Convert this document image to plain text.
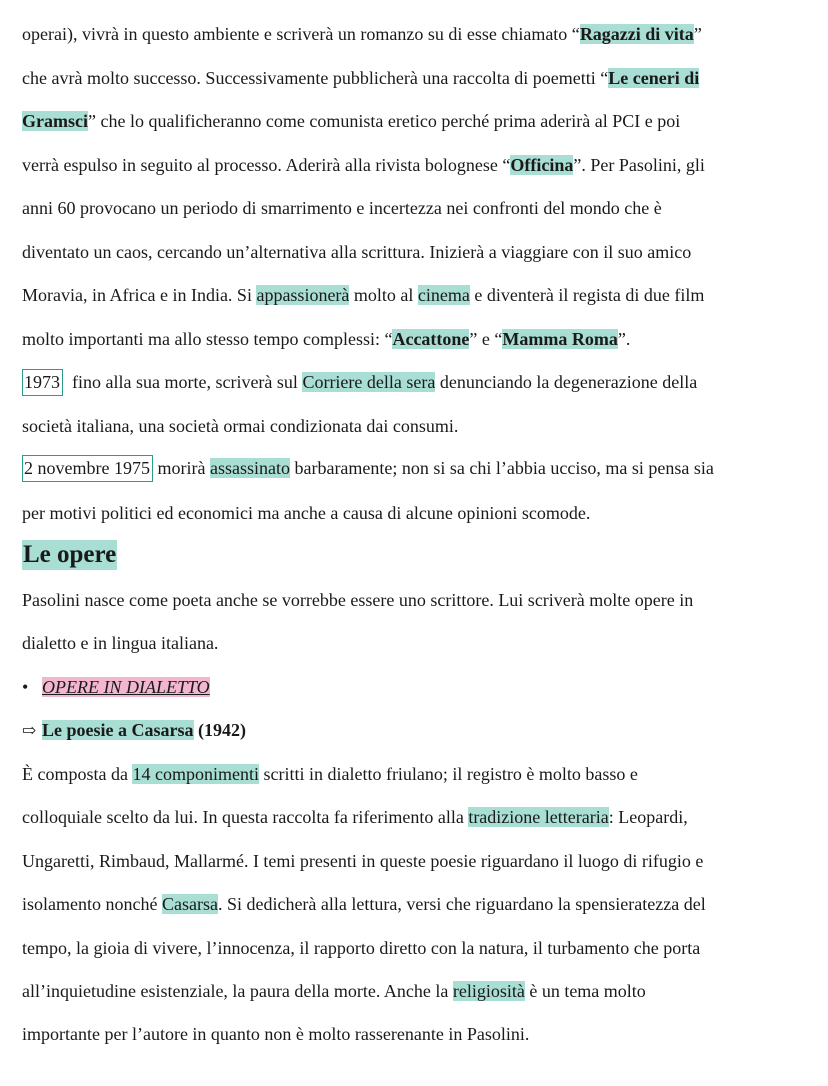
operai), vivrà in questo ambiente e scriverà un romanzo su di esse chiamato “Ragazzi di vita”
che avrà molto successo. Successivamente pubblicherà una raccolta di poemetti “Le ceneri di
Gramsci” che lo qualificheranno come comunista eretico perché prima aderirà al PCI e poi
verrà espulso in seguito al processo. Aderirà alla rivista bolognese “Officina”. Per Pasolini, gli
anni 60 provocano un periodo di smarrimento e incertezza nei confronti del mondo che è
diventato un caos, cercando un’alternativa alla scrittura. Inizierà a viaggiare con il suo amico
Moravia, in Africa e in India. Si appassionerà molto al cinema e diventerà il regista di due film
molto importanti ma allo stesso tempo complessi: “Accattone” e “Mamma Roma”.
1973  fino alla sua morte, scriverà sul Corriere della sera denunciando la degenerazione della
società italiana, una società ormai condizionata dai consumi.
2 novembre 1975 morirà assassinato barbaramente; non si sa chi l’abbia ucciso, ma si pensa sia
per motivi politici ed economici ma anche a causa di alcune opinioni scomode.
Le opere
Pasolini nasce come poeta anche se vorrebbe essere uno scrittore. Lui scriverà molte opere in
dialetto e in lingua italiana.
• OPERE IN DIALETTO
⇨ Le poesie a Casarsa (1942)
È composta da 14 componimenti scritti in dialetto friulano; il registro è molto basso e
colloquiale scelto da lui. In questa raccolta fa riferimento alla tradizione letteraria: Leopardi,
Ungaretti, Rimbaud, Mallarmé. I temi presenti in queste poesie riguardano il luogo di rifugio e
isolamento nonché Casarsa. Si dedicherà alla lettura, versi che riguardano la spensieratezza del
tempo, la gioia di vivere, l’innocenza, il rapporto diretto con la natura, il turbamento che porta
all’inquietudine esistenziale, la paura della morte. Anche la religiosità è un tema molto
importante per l’autore in quanto non è molto rasserenante in Pasolini.
